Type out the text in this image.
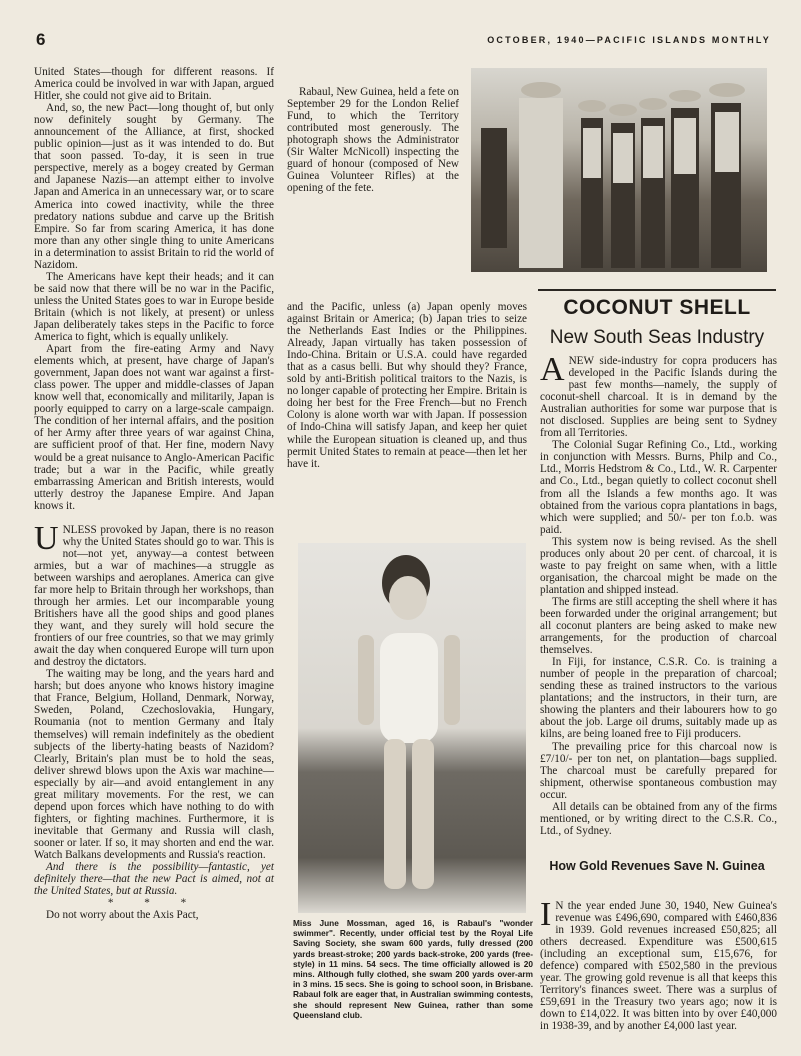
6	OCTOBER, 1940—PACIFIC ISLANDS MONTHLY

United States—though for different reasons. If America could be involved in war with Japan, argued Hitler, she could not give aid to Britain.

And, so, the new Pact—long thought of, but only now definitely sought by Germany. The announcement of the Alliance, at first, shocked public opinion—just as it was intended to do. But that soon passed. To-day, it is seen in true perspective, merely as a bogey created by German and Japanese Nazis—an attempt either to involve Japan and America in an unnecessary war, or to scare America into cowed inactivity, while the three predatory nations subdue and carve up the British Empire. So far from scaring America, it has done more than any other single thing to unite Americans in a determination to assist Britain to rid the world of Nazidom.

The Americans have kept their heads; and it can be said now that there will be no war in the Pacific, unless the United States goes to war in Europe beside Britain (which is not likely, at present) or unless Japan deliberately takes steps in the Pacific to force America to fight, which is equally unlikely.

Apart from the fire-eating Army and Navy elements which, at present, have charge of Japan's government, Japan does not want war against a first-class power. The upper and middle-classes of Japan know well that, economically and militarily, Japan is poorly equipped to carry on a large-scale campaign. The condition of her internal affairs, and the position of her Army after three years of war against China, are sufficient proof of that. Her fine, modern Navy would be a great nuisance to Anglo-American Pacific trade; but a war in the Pacific, while greatly embarrassing American and British interests, would utterly destroy the Japanese Empire. And Japan knows it.

UNLESS provoked by Japan, there is no reason why the United States should go to war. This is not—not yet, anyway—a contest between armies, but a war of machines—a struggle as between warships and aeroplanes. America can give far more help to Britain through her workshops, than through her armies. Let our incomparable young Britishers have all the good ships and good planes they want, and they surely will hold secure the frontiers of our free countries, so that we may grimly await the day when conquered Europe will turn upon and destroy the dictators.

The waiting may be long, and the years hard and harsh; but does anyone who knows history imagine that France, Belgium, Holland, Denmark, Norway, Sweden, Poland, Czechoslovakia, Hungary, Roumania (not to mention Germany and Italy themselves) will remain indefinitely as the obedient subjects of the liberty-hating beasts of Nazidom? Clearly, Britain's plan must be to hold the seas, deliver shrewd blows upon the Axis war machine—especially by air—and avoid entanglement in any great military movements. For the rest, we can depend upon forces which have nothing to do with fighters, or fighting machines. Furthermore, it is inevitable that Germany and Russia will clash, sooner or later. If so, it may shorten and end the war. Watch Balkans developments and Russia's reaction.

And there is the possibility—fantastic, yet definitely there—that the new Pact is aimed, not at the United States, but at Russia.

* * *

Do not worry about the Axis Pact,

Rabaul, New Guinea, held a fete on September 29 for the London Relief Fund, to which the Territory contributed most generously. The photograph shows the Administrator (Sir Walter McNicoll) inspecting the guard of honour (composed of New Guinea Volunteer Rifles) at the opening of the fete.

and the Pacific, unless (a) Japan openly moves against Britain or America; (b) Japan tries to seize the Netherlands East Indies or the Philippines. Already, Japan virtually has taken possession of Indo-China. Britain or U.S.A. could have regarded that as a casus belli. But why should they? France, sold by anti-British political traitors to the Nazis, is no longer capable of protecting her Empire. Britain is doing her best for the Free French—but no French Colony is alone worth war with Japan. If possession of Indo-China will satisfy Japan, and keep her quiet while the European situation is cleaned up, and thus permit United States to remain at peace—then let her have it.

Miss June Mossman, aged 16, is Rabaul's "wonder swimmer". Recently, under official test by the Royal Life Saving Society, she swam 600 yards, fully dressed (200 yards breast-stroke; 200 yards back-stroke, 200 yards (free-style) in 11 mins. 54 secs. The time officially allowed is 20 mins. Although fully clothed, she swam 200 yards over-arm in 3 mins. 15 secs. She is going to school soon, in Brisbane. Rabaul folk are eager that, in Australian swimming contests, she should represent New Guinea, rather than some Queensland club.
COCONUT SHELL
New South Seas Industry

ANEW side-industry for copra producers has developed in the Pacific Islands during the past few months—namely, the supply of coconut-shell charcoal. It is in demand by the Australian authorities for some war purpose that is not disclosed. Supplies are being sent to Sydney from all Territories.

The Colonial Sugar Refining Co., Ltd., working in conjunction with Messrs. Burns, Philp and Co., Ltd., Morris Hedstrom & Co., Ltd., W. R. Carpenter and Co., Ltd., began quietly to collect coconut shell from all the Islands a few months ago. It was obtained from the various copra plantations in bags, which were supplied; and 50/- per ton f.o.b. was paid.

This system now is being revised. As the shell produces only about 20 per cent. of charcoal, it is waste to pay freight on same when, with a little organisation, the charcoal might be made on the plantation and shipped instead.

The firms are still accepting the shell where it has been forwarded under the original arrangement; but all coconut planters are being asked to make new arrangements, for the production of charcoal themselves.

In Fiji, for instance, C.S.R. Co. is training a number of people in the preparation of charcoal; sending these as trained instructors to the various plantations; and the instructors, in their turn, are showing the planters and their labourers how to go about the job. Large oil drums, suitably made up as kilns, are being loaned free to Fiji producers.

The prevailing price for this charcoal now is £7/10/- per ton net, on plantation—bags supplied. The charcoal must be carefully prepared for shipment, otherwise spontaneous combustion may occur.

All details can be obtained from any of the firms mentioned, or by writing direct to the C.S.R. Co., Ltd., of Sydney.

How Gold Revenues Save N. Guinea

I N the year ended June 30, 1940, New Guinea's revenue was £496,690, compared with £460,836 in 1939. Gold revenues increased £50,825; all others decreased. Expenditure was £500,615 (including an exceptional sum, £15,676, for defence) compared with £502,580 in the previous year. The growing gold revenue is all that keeps this Territory's finances sweet. There was a surplus of £59,691 in the Treasury two years ago; now it is down to £14,022. It was bitten into by over £40,000 in 1938-39, and by another £4,000 last year.
